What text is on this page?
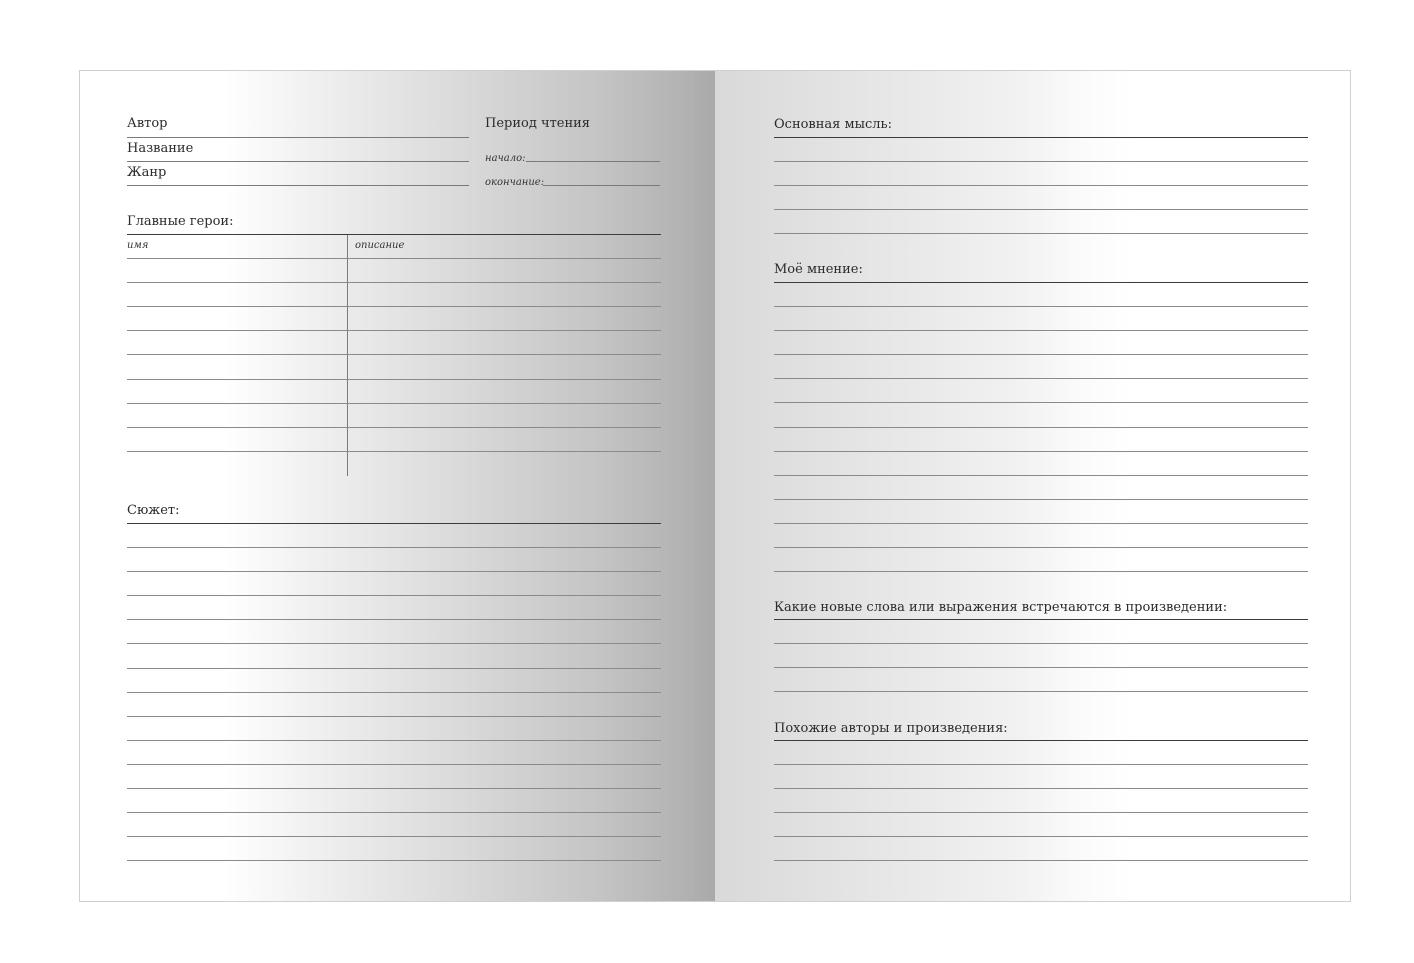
Автор
Название
Жанр
Период чтения
начало:
окончание:
Главные герои:
имя	описание
Сюжет:
Основная мысль:
Моё мнение:
Какие новые слова или выражения встречаются в произведении:
Похожие авторы и произведения:
